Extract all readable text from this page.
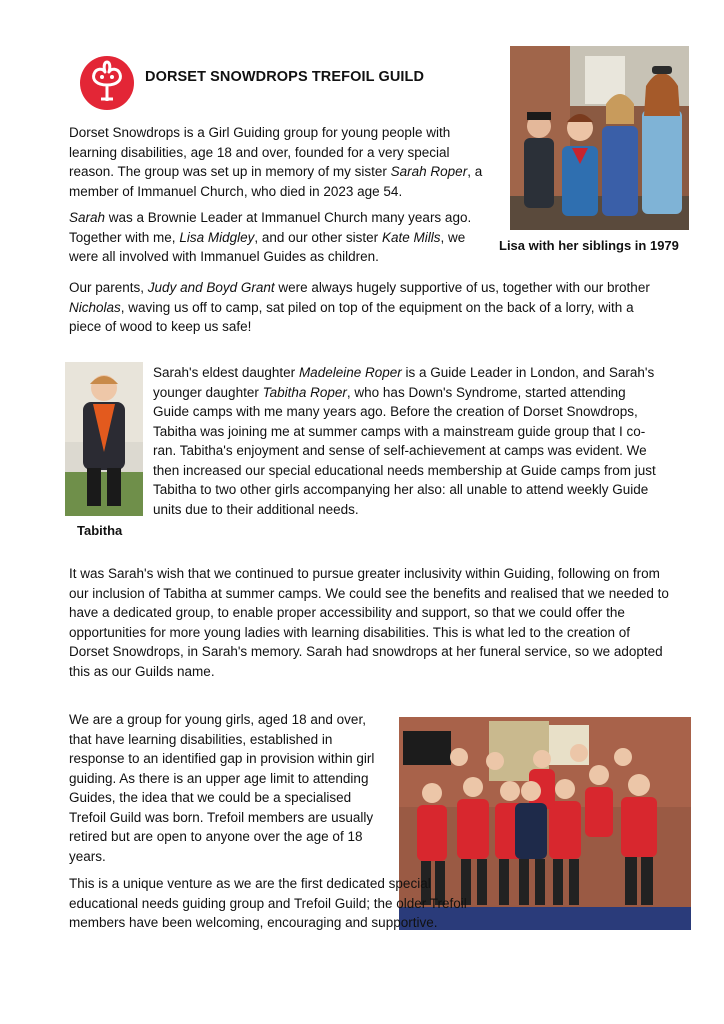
DORSET SNOWDROPS TREFOIL GUILD

Dorset Snowdrops is a Girl Guiding group for young people with learning disabilities, age 18 and over, founded for a very special reason. The group was set up in memory of my sister Sarah Roper, a member of Immanuel Church, who died in 2023 age 54.

Sarah was a Brownie Leader at Immanuel Church many years ago. Together with me, Lisa Midgley, and our other sister Kate Mills, we were all involved with Immanuel Guides as children.

Lisa with her siblings in 1979

Our parents, Judy and Boyd Grant were always hugely supportive of us, together with our brother Nicholas, waving us off to camp, sat piled on top of the equipment on the back of a lorry, with a piece of wood to keep us safe!

Tabitha

Sarah's eldest daughter Madeleine Roper is a Guide Leader in London, and Sarah's younger daughter Tabitha Roper, who has Down's Syndrome, started attending Guide camps with me many years ago. Before the creation of Dorset Snowdrops, Tabitha was joining me at summer camps with a mainstream guide group that I co-ran. Tabitha's enjoyment and sense of self-achievement at camps was evident. We then increased our special educational needs membership at Guide camps from just Tabitha to two other girls accompanying her also: all unable to attend weekly Guide units due to their additional needs.

It was Sarah's wish that we continued to pursue greater inclusivity within Guiding, following on from our inclusion of Tabitha at summer camps. We could see the benefits and realised that we needed to have a dedicated group, to enable proper accessibility and support, so that we could offer the opportunities for more young ladies with learning disabilities. This is what led to the creation of Dorset Snowdrops, in Sarah's memory. Sarah had snowdrops at her funeral service, so we adopted this as our Guilds name.

We are a group for young girls, aged 18 and over, that have learning disabilities, established in response to an identified gap in provision within girl guiding. As there is an upper age limit to attending Guides, the idea that we could be a specialised Trefoil Guild was born. Trefoil members are usually retired but are open to anyone over the age of 18 years.

This is a unique venture as we are the first dedicated special educational needs guiding group and Trefoil Guild; the older Trefoil members have been welcoming, encouraging and supportive.
